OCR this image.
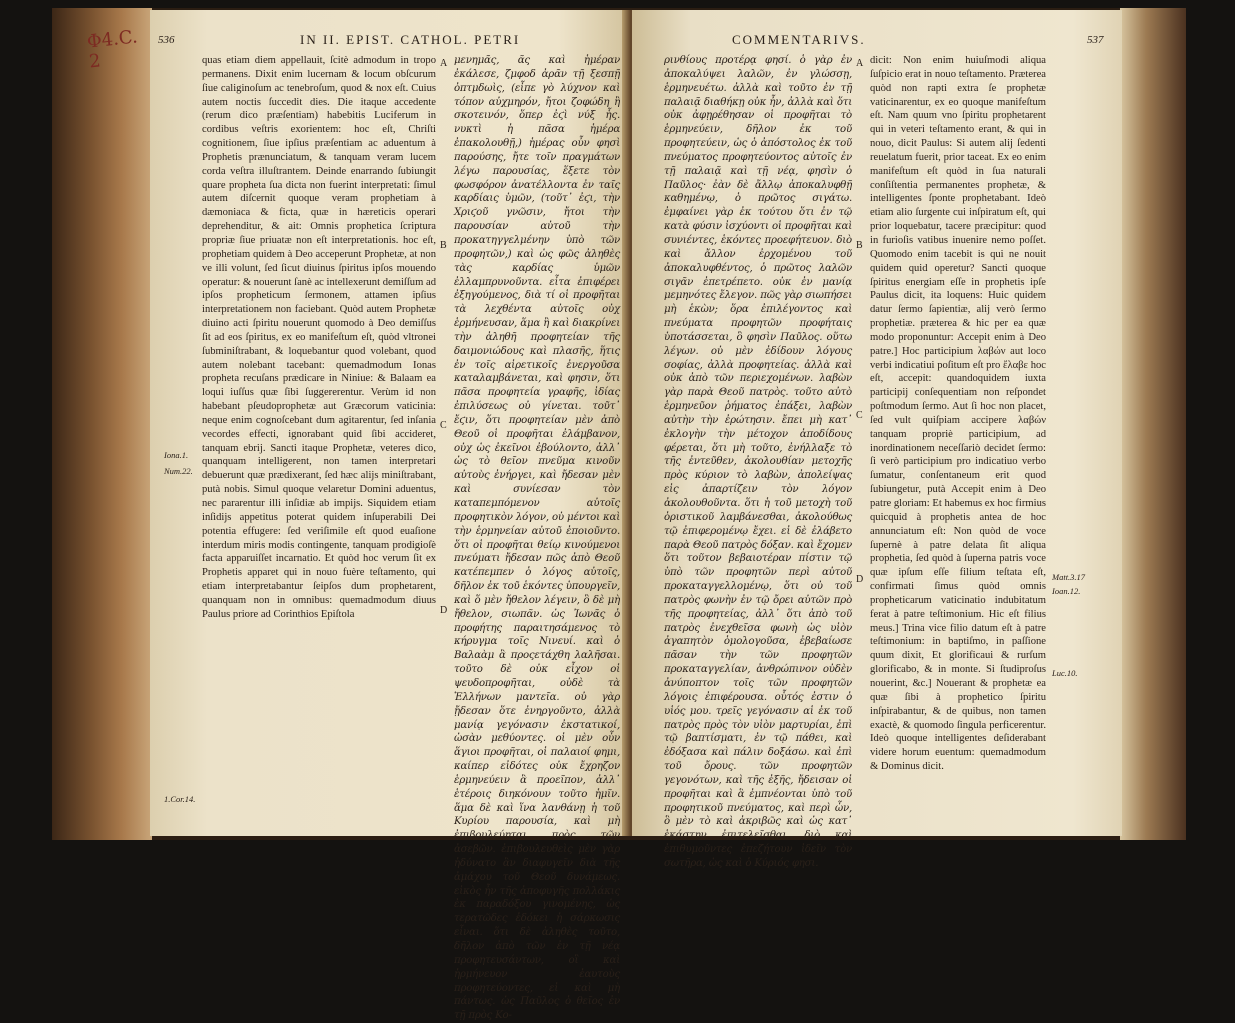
Φ4.C. 2
536	IN II. EPIST. CATHOL. PETRI

quas etiam diem appellauit, ſcitè admodum in tropo permanens. Dixit enim lucernam & locum obſcurum ſiue caliginoſum ac tenebroſum, quod & nox eſt. Cuius autem noctis ſuccedit dies. Die itaque accedente (rerum dico præſentiam) habebitis Luciferum in cordibus veſtris exorientem: hoc eſt, Chriſti cognitionem, ſiue ipſius præſentiam ac aduentum à Prophetis prænunciatum, & tanquam veram lucem corda veſtra illuſtrantem. Deinde enarrando ſubiungit quare propheta ſua dicta non fuerint interpretati: ſimul autem diſcernit quoque veram prophetiam à dæmoniaca & ficta, quæ in hæreticis operari deprehenditur, & ait: Omnis prophetica ſcriptura propriæ ſiue priuatæ non eſt interpretationis. hoc eſt, prophetiam quidem à Deo acceperunt Prophetæ, at non ve illi volunt, ſed ſicut diuinus ſpiritus ipſos mouendo operatur: & nouerunt ſanè ac intellexerunt demiſſum ad ipſos propheticum ſermonem, attamen ipſius interpretationem non faciebant. Quòd autem Prophetæ diuino acti ſpiritu nouerunt quomodo à Deo demiſſus ſit ad eos ſpiritus, ex eo manifeſtum eſt, quòd vltronei ſubminiſtrabant, & loquebantur quod volebant, quod autem nolebant tacebant: quemadmodum Ionas propheta recuſans prædicare in Niniue: & Balaam ea loqui iuſſus quæ ſibi ſuggererentur. Verùm id non habebant pſeudoprophetæ aut Græcorum vaticinia: neque enim cognoſcebant dum agitarentur, ſed inſania vecordes effecti, ignorabant quid ſibi accideret, tanquam ebrij. Sancti itaque Prophetæ, veteres dico, quanquam intelligerent, non tamen interpretari debuerunt quæ prædixerant, ſed hæc alijs miniſtrabant, putà nobis. Simul quoque velaretur Domini aduentus, nec pararentur illi inſidiæ ab impijs. Siquidem etiam inſidijs appetitus poterat quidem inſuperabili Dei potentia effugere: ſed veriſimile eſt quod euaſione interdum miris modis contingente, tanquam prodigioſè facta apparuiſſet incarnatio. Et quòd hoc verum ſit ex Prophetis apparet qui in nouo fuère teſtamento, qui etiam interpretabantur ſeipſos dum prophetarent, quanquam non in omnibus: quemadmodum diuus Paulus priore ad Corinthios Epiſtola

A
B
C
D

μενημᾶς, ᾶς καὶ ἡμέραν ἐκάλεσε, ζμφοδ ἀρᾶν τῇ ξεσπῇ ὀπτμδωὶς, (εἶπε γὸ λύχνον καὶ τόπον αὐχμηρόν, ἤτοι ζοφώδη ἢ σκοτεινόν, ὅπερ ἐϛὶ νύξ ἧς. νυκτὶ ἡ πᾶσα ἡμέρα ἐπακολουθῇ,) ἡμέρας οὖν φησὶ παρούσης, ἤτε τοῖν πραγμάτων λέγω παρουσίας, ἕξετε τὸν φωσφόρον ἀνατέλλοντα ἐν ταῖς καρδίαις ὑμῶν, (τοῦτ᾽ ἐϛι, τὴν Χριϛοῦ γνῶσιν, ἤτοι τὴν παρουσίαν αὐτοῦ τὴν προκατηγγελμένην ὑπὸ τῶν προφητῶν,) καὶ ὡς φῶς ἀληθὲς τὰς καρδίας ὑμῶν ἐλλαμπρυνοῦντα. εἶτα ἐπιφέρει ἐξηγούμενος, διὰ τί οἱ προφῆται τὰ λεχθέντα αὐτοῖς οὐχ ἑρμήνευσαν, ἅμα ἢ καὶ διακρίνει τὴν ἀληθῆ προφητείαν τῆς δαιμονιώδους καὶ πλασῆς, ἥτις ἐν τοῖς αἱρετικοῖς ἐνεργοῦσα καταλαμβάνεται, καὶ φησιν, ὅτι πᾶσα προφητεία γραφῆς, ἰδίας ἐπιλύσεως οὐ γίνεται. τοῦτ᾽ ἔϛιν, ὅτι προφητείαν μὲν ἀπὸ Θεοῦ οἱ προφῆται ἐλάμβανον, οὐχ ὡς ἐκεῖνοι ἐβούλοντο, ἀλλ᾽ ὡς τὸ θεῖον πνεῦμα κινοῦν αὐτοὺς ἐνήργει, καὶ ἤδεσαν μὲν καὶ συνίεσαν τὸν καταπεμπόμενον αὐτοῖς προφητικὸν λόγον, οὐ μέντοι καὶ τὴν ἑρμηνείαν αὐτοῦ ἐποιοῦντο. ὅτι οἱ προφῆται θείῳ κινούμενοι πνεύματι ἤδεσαν πῶς ἀπὸ Θεοῦ κατέπεμπεν ὁ λόγος αὐτοῖς, δῆλον ἐκ τοῦ ἑκόντες ὑπουργεῖν, καὶ ὅ μὲν ἤθελον λέγειν, ὃ δὲ μὴ ἤθελον, σιωπᾶν. ὡς Ἰωνᾶς ὁ προφήτης παραιτησάμενος τὸ κήρυγμα τοῖς Νινευί. καὶ ὁ Βαλαὰμ ἃ προςετάχθη λαλῆσαι. τοῦτο δὲ οὐκ εἶχον οἱ ψευδοπροφῆται, οὐδὲ τὰ Ἑλλήνων μαντεῖα. οὐ γὰρ ᾔδεσαν ὅτε ἐνηργοῦντο, ἀλλὰ μανίᾳ γεγόνασιν ἐκστατικοί, ὡσὰν μεθύοντες. οἱ μὲν οὖν ἅγιοι προφῆται, οἱ παλαιοί φημι, καίπερ εἰδότες οὐκ ἔχρηζον ἑρμηνεύειν ἃ προεῖπον, ἀλλ᾽ ἑτέροις διηκόνουν τοῦτο ἡμῖν. ἅμα δὲ καὶ ἵνα λανθάνῃ ἡ τοῦ Κυρίου παρουσία, καὶ μὴ ἐπιβουλεύηται πρὸς τῶν ἀσεβῶν. ἐπιβουλευθεὶς μὲν γὰρ ἠδύνατο ἂν διαφυγεῖν διὰ τῆς ἀμάχου τοῦ Θεοῦ δυνάμεως. εἰκὸς ἦν τῆς ἀποφυγῆς πολλάκις ἐκ παραδόξου γινομένης, ὡς τερατῶδες ἐδόκει ἡ σάρκωσις εἶναι. ὅτι δὲ ἀληθὲς τοῦτο, δῆλον ἀπὸ τῶν ἐν τῇ νέᾳ προφητευσάντων, οἳ καὶ ἡρμήνευον ἑαυτοὺς προφητεύοντες, εἰ καὶ μὴ πάντως. ὡς Παῦλος ὁ θεῖος ἐν τῇ πρὸς Κο-

Iona.1.
Num.22.
1.Cor.14.
COMMENTARIVS.	537

ρινθίους προτέρᾳ φησί. ὁ γὰρ ἐν ἀποκαλύψει λαλῶν, ἐν γλώσσῃ, ἑρμηνευέτω. ἀλλὰ καὶ τοῦτο ἐν τῇ παλαιᾷ διαθήκῃ οὐκ ἦν, ἀλλὰ καὶ ὅτι οὐκ ἀφῃρέθησαν οἱ προφῆται τὸ ἑρμηνεύειν, δῆλον ἐκ τοῦ προφητεύειν, ὡς ὁ ἀπόστολος ἐκ τοῦ πνεύματος προφητεύοντος αὐτοῖς ἐν τῇ παλαιᾷ καὶ τῇ νέᾳ, φησὶν ὁ Παῦλος· ἐὰν δὲ ἄλλῳ ἀποκαλυφθῇ καθημένῳ, ὁ πρῶτος σιγάτω. ἐμφαίνει γὰρ ἐκ τούτου ὅτι ἐν τῷ κατὰ φύσιν ἰσχύοντι οἱ προφῆται καὶ συνιέντες, ἑκόντες προεφήτευον. διὸ καὶ ἄλλον ἐρχομένου τοῦ ἀποκαλυφθέντος, ὁ πρῶτος λαλῶν σιγᾶν ἐπετρέπετο. οὐκ ἐν μανίᾳ μεμηνότες ἔλεγον. πῶς γὰρ σιωπήσει μὴ ἑκὼν; ὅρα ἐπιλέγοντος καὶ πνεύματα προφητῶν προφήταις ὑποτάσσεται, ὃ φησὶν Παῦλος. οὕτω λέγων. οὐ μὲν ἐδίδουν λόγους σοφίας, ἀλλὰ προφητείας. ἀλλὰ καὶ οὐκ ἀπὸ τῶν περιεχομένων. λαβὼν γὰρ παρὰ Θεοῦ πατρὸς. τοῦτο αὐτὸ ἑρμηνεῦον ῥήματος ἐπάξει, λαβὼν αὐτὴν τὴν ἐρώτησιν. ἔπει μὴ κατ᾽ ἐκλογὴν τὴν μέτοχον ἀποδίδους φέρεται, ὅτι μὴ τοῦτο, ἐνήλλαξε τὸ τῆς ἐντεῦθεν, ἀκολουθίαν μετοχῆς πρὸς κύριον τὸ λαβὼν, ἀπολείψας εἰς ἀπαρτίζειν τὸν λόγον ἀκολουθοῦντα. ὅτι ἡ τοῦ μετοχὴ τοῦ ὁριστικοῦ λαμβάνεσθαι, ἀκολούθως τῷ ἐπιφερομένῳ ἔχει. εἰ δὲ ἐλάβετο παρὰ Θεοῦ πατρὸς δόξαν. καὶ ἔχομεν ὅτι τοῦτον βεβαιοτέραν πίστιν τῷ ὑπὸ τῶν προφητῶν περὶ αὐτοῦ προκαταγγελλομένῳ, ὅτι οὐ τοῦ πατρὸς φωνὴν ἐν τῷ ὄρει αὐτῶν πρὸ τῆς προφητείας, ἀλλ᾽ ὅτι ἀπὸ τοῦ πατρὸς ἐνεχθεῖσα φωνὴ ὡς υἱὸν ἀγαπητὸν ὁμολογοῦσα, ἐβεβαίωσε πᾶσαν τὴν τῶν προφητῶν προκαταγγελίαν, ἀνθρώπινον οὐδὲν ἀνύποπτον τοῖς τῶν προφητῶν λόγοις ἐπιφέρουσα. οὗτός ἐστιν ὁ υἱός μου. τρεῖς γεγόνασιν αἱ ἐκ τοῦ πατρὸς πρὸς τὸν υἱὸν μαρτυρίαι, ἐπὶ τῷ βαπτίσματι, ἐν τῷ πάθει, καὶ ἐδόξασα καὶ πάλιν δοξάσω. καὶ ἐπὶ τοῦ ὄρους. τῶν προφητῶν γεγονότων, καὶ τῆς ἐξῆς, ἤδεισαν οἱ προφῆται καὶ ἃ ἐμπνέονται ὑπὸ τοῦ προφητικοῦ πνεύματος, καὶ περὶ ὧν, ὃ μὲν τὸ καὶ ἀκριβῶς καὶ ὡς κατ᾽ ἑκάστην ἐπιτελεῖσθαι. διὸ καὶ ἐπιθυμοῦντες ἐπεζήτουν ἰδεῖν τὸν σωτῆρα, ὡς καὶ ὁ Κύριός φησι.

A
B
C
D

dicit: Non enim huiuſmodi aliqua ſuſpicio erat in nouo teſtamento. Præterea quòd non rapti extra ſe prophetæ vaticinarentur, ex eo quoque manifeſtum eſt. Nam quum vno ſpiritu prophetarent qui in veteri teſtamento erant, & qui in nouo, dicit Paulus: Si autem alij ſedenti reuelatum fuerit, prior taceat. Ex eo enim manifeſtum eſt quòd in ſua naturali conſiſtentia permanentes prophetæ, & intelligentes ſponte prophetabant. Ideò etiam alio ſurgente cui inſpiratum eſt, qui prior loquebatur, tacere præcipitur: quod in furioſis vatibus inuenire nemo poſſet. Quomodo enim tacebit is qui ne nouit quidem quid operetur? Sancti quoque ſpiritus energiam eſſe in prophetis ipſe Paulus dicit, ita loquens: Huic quidem datur ſermo ſapientiæ, alij verò ſermo prophetiæ. præterea & hic per ea quæ modo proponuntur: Accepit enim à Deo patre.] Hoc participium λαβών aut loco verbi indicatiui poſitum eſt pro ἔλαβε hoc eſt, accepit: quandoquidem iuxta participij conſequentiam non reſpondet poſtmodum ſermo. Aut ſi hoc non placet, ſed vult quiſpiam accipere λαβών tanquam propriè participium, ad inordinationem neceſſariò decidet ſermo: ſi verò participium pro indicatiuo verbo ſumatur, conſentaneum erit quod ſubiungetur, putà Accepit enim à Deo patre gloriam: Et habemus ex hoc firmius quicquid à prophetis antea de hoc annunciatum eſt: Non quòd de voce ſupernè à patre delata ſit aliqua prophetia, ſed quòd à ſuperna patris voce quæ ipſum eſſe filium teſtata eſt, confirmati ſimus quòd omnis propheticarum vaticinatio indubitatum ferat à patre teſtimonium. Hic eſt filius meus.] Trina vice filio datum eſt à patre teſtimonium: in baptiſmo, in paſſione quum dixit, Et glorificaui & rurſum glorificabo, & in monte. Si ſtudiproſus nouerint, &c.] Nouerant & prophetæ ea quæ ſibi à prophetico ſpiritu inſpirabantur, & de quibus, non tamen exactè, & quomodo ſingula perficerentur. Ideò quoque intelligentes deſiderabant videre horum euentum: quemadmodum & Dominus dicit.

Matt.3.17
Ioan.12.
Luc.10.
